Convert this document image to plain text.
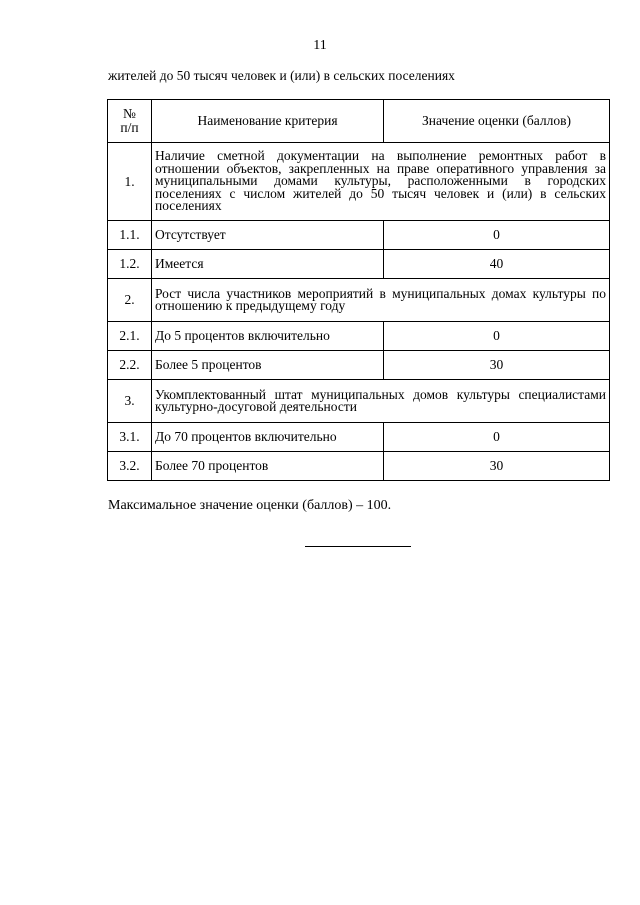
11
жителей до 50 тысяч человек и (или) в сельских поселениях
№
п/п	Наименование критерия	Значение оценки (баллов)
1.	Наличие сметной документации на выполнение ремонтных работ в отношении объектов, закрепленных на праве оперативного управления за муниципальными домами культуры, расположенными в городских поселениях с числом жителей до 50 тысяч человек и (или) в сельских поселениях	
1.1.	Отсутствует	0
1.2.	Имеется	40
2.	Рост числа участников мероприятий в муниципальных домах культуры по отношению к предыдущему году	
2.1.	До 5 процентов включительно	0
2.2.	Более 5 процентов	30
3.	Укомплектованный штат муниципальных домов культуры специалистами культурно-досуговой деятельности	
3.1.	До 70 процентов включительно	0
3.2.	Более 70 процентов	30
Максимальное значение оценки (баллов) – 100.
